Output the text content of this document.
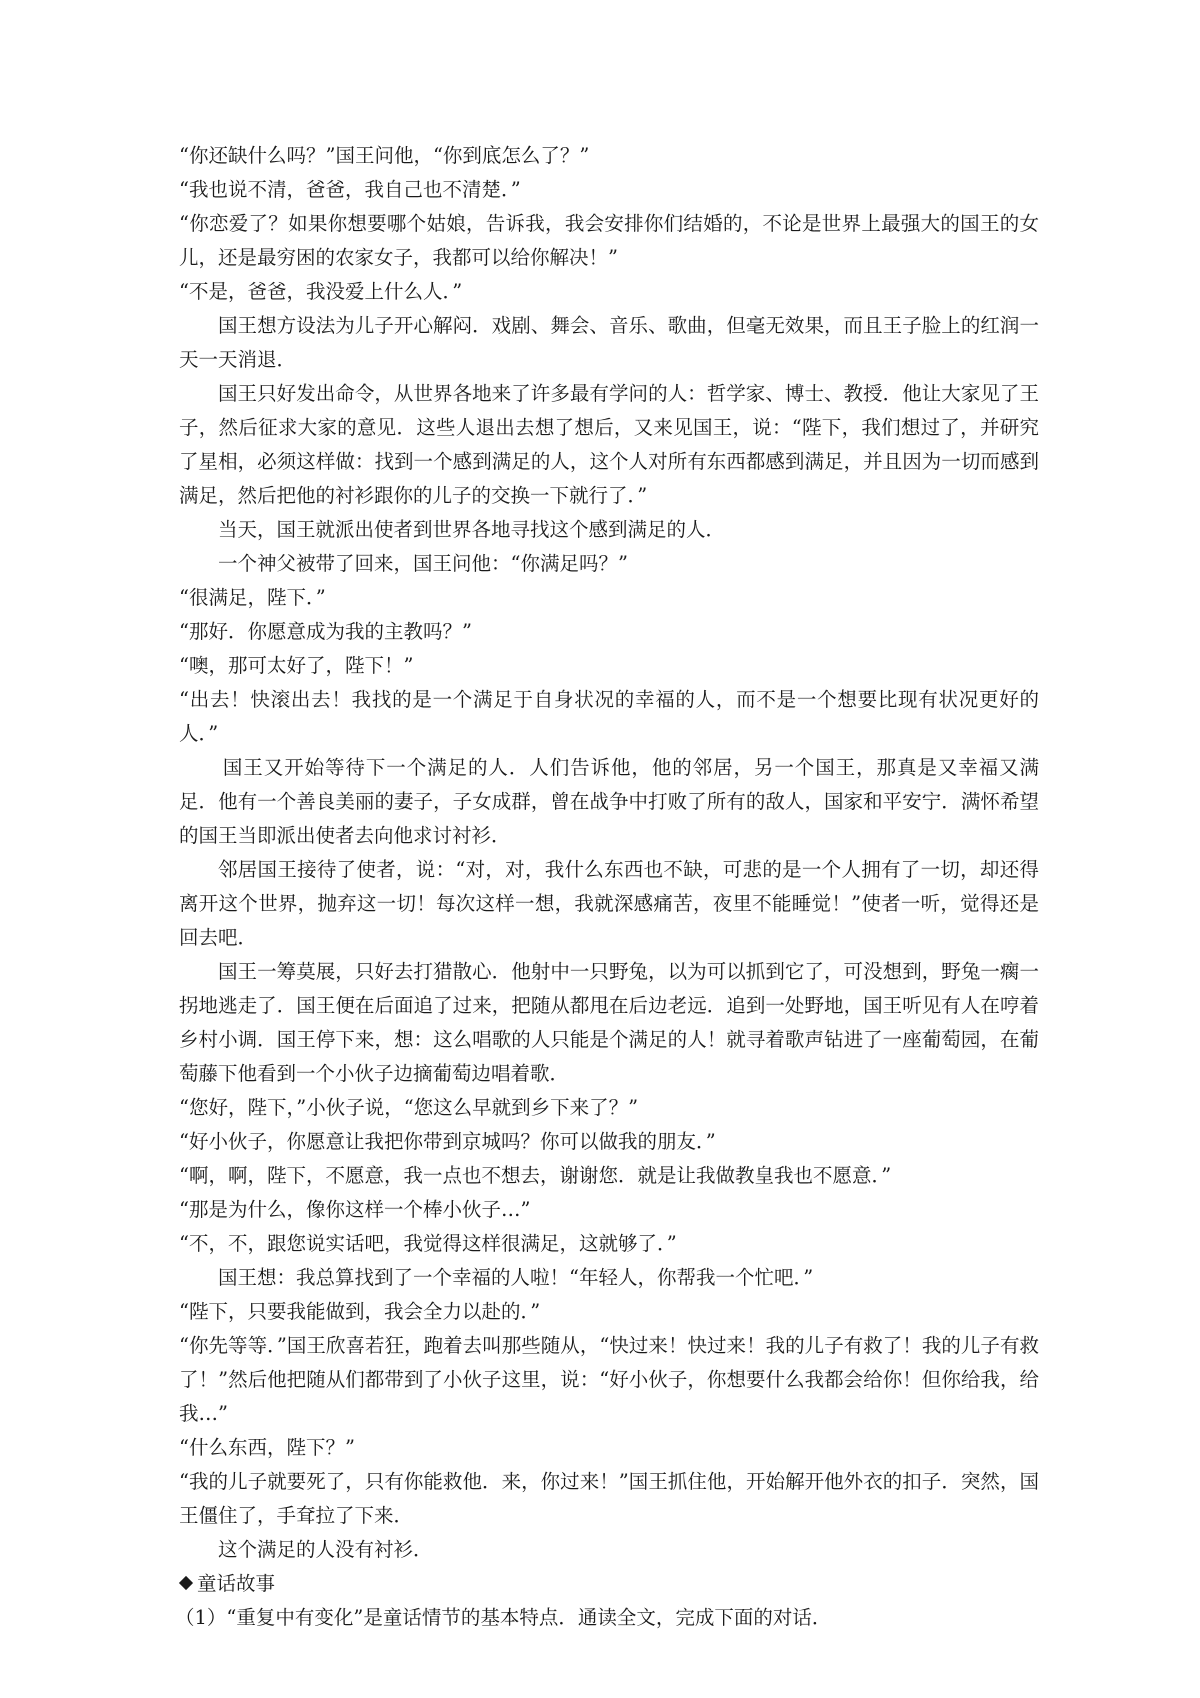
“你还缺什么吗？”国王问他，“你到底怎么了？”

“我也说不清，爸爸，我自己也不清楚．”

“你恋爱了？如果你想要哪个姑娘，告诉我，我会安排你们结婚的，不论是世界上最强大的国王的女儿，还是最穷困的农家女子，我都可以给你解决！”

“不是，爸爸，我没爱上什么人．”

国王想方设法为儿子开心解闷．戏剧、舞会、音乐、歌曲，但毫无效果，而且王子脸上的红润一天一天消退．

国王只好发出命令，从世界各地来了许多最有学问的人：哲学家、博士、教授．他让大家见了王子，然后征求大家的意见．这些人退出去想了想后，又来见国王，说：“陛下，我们想过了，并研究了星相，必须这样做：找到一个感到满足的人，这个人对所有东西都感到满足，并且因为一切而感到满足，然后把他的衬衫跟你的儿子的交换一下就行了．”

当天，国王就派出使者到世界各地寻找这个感到满足的人．

一个神父被带了回来，国王问他：“你满足吗？”

“很满足，陛下．”

“那好．你愿意成为我的主教吗？”

“噢，那可太好了，陛下！”

“出去！快滚出去！我找的是一个满足于自身状况的幸福的人，而不是一个想要比现有状况更好的人．”

国王又开始等待下一个满足的人．人们告诉他，他的邻居，另一个国王，那真是又幸福又满足．他有一个善良美丽的妻子，子女成群，曾在战争中打败了所有的敌人，国家和平安宁．满怀希望的国王当即派出使者去向他求讨衬衫．

邻居国王接待了使者，说：“对，对，我什么东西也不缺，可悲的是一个人拥有了一切，却还得离开这个世界，抛弃这一切！每次这样一想，我就深感痛苦，夜里不能睡觉！”使者一听，觉得还是回去吧．

国王一筹莫展，只好去打猎散心．他射中一只野兔，以为可以抓到它了，可没想到，野兔一瘸一拐地逃走了．国王便在后面追了过来，把随从都甩在后边老远．追到一处野地，国王听见有人在哼着乡村小调．国王停下来，想：这么唱歌的人只能是个满足的人！就寻着歌声钻进了一座葡萄园，在葡萄藤下他看到一个小伙子边摘葡萄边唱着歌．

“您好，陛下，”小伙子说，“您这么早就到乡下来了？”

“好小伙子，你愿意让我把你带到京城吗？你可以做我的朋友．”

“啊，啊，陛下，不愿意，我一点也不想去，谢谢您．就是让我做教皇我也不愿意．”

“那是为什么，像你这样一个棒小伙子…”

“不，不，跟您说实话吧，我觉得这样很满足，这就够了．”

国王想：我总算找到了一个幸福的人啦！“年轻人，你帮我一个忙吧．”

“陛下，只要我能做到，我会全力以赴的．”

“你先等等．”国王欣喜若狂，跑着去叫那些随从，“快过来！快过来！我的儿子有救了！我的儿子有救了！”然后他把随从们都带到了小伙子这里，说：“好小伙子，你想要什么我都会给你！但你给我，给我…”

“什么东西，陛下？”

“我的儿子就要死了，只有你能救他．来，你过来！”国王抓住他，开始解开他外衣的扣子．突然，国王僵住了，手耷拉了下来．

这个满足的人没有衬衫．

童话故事

（1）“重复中有变化”是童话情节的基本特点．通读全文，完成下面的对话．
